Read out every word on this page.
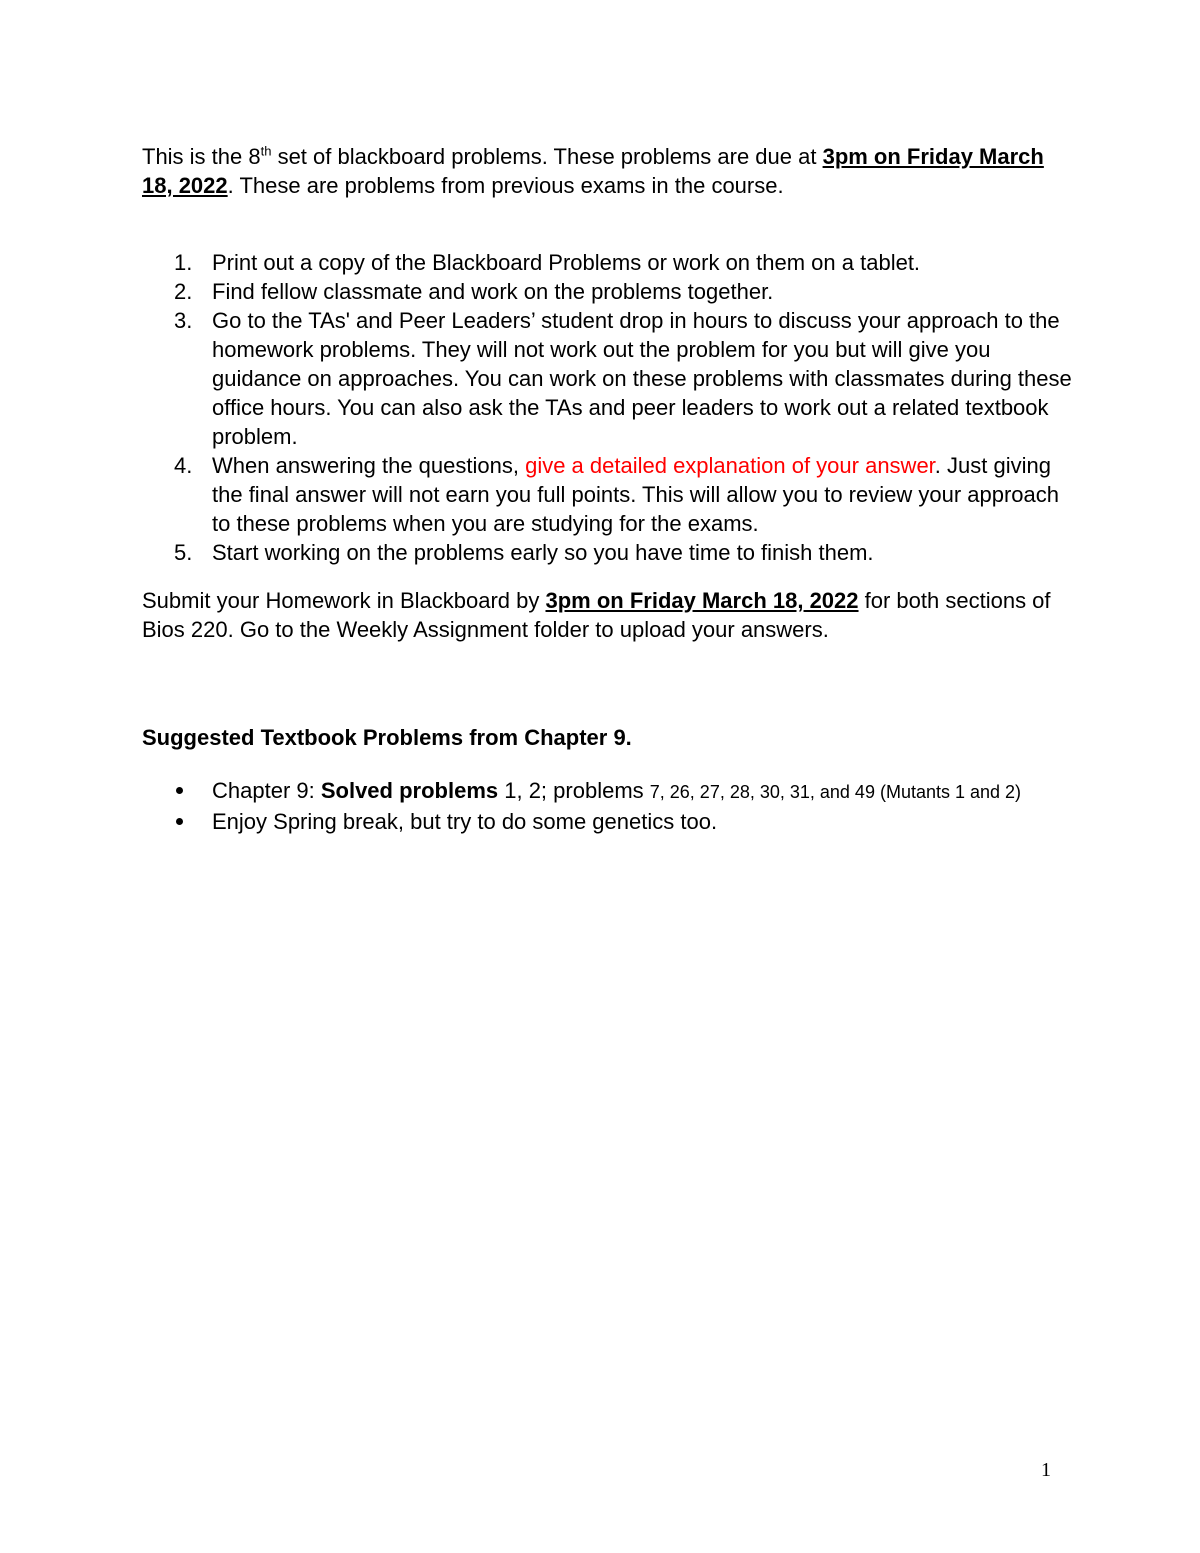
This is the 8th set of blackboard problems. These problems are due at 3pm on Friday March 18, 2022. These are problems from previous exams in the course.
1. Print out a copy of the Blackboard Problems or work on them on a tablet.
2. Find fellow classmate and work on the problems together.
3. Go to the TAs' and Peer Leaders’ student drop in hours to discuss your approach to the homework problems. They will not work out the problem for you but will give you guidance on approaches. You can work on these problems with classmates during these office hours. You can also ask the TAs and peer leaders to work out a related textbook problem.
4. When answering the questions, give a detailed explanation of your answer. Just giving the final answer will not earn you full points. This will allow you to review your approach to these problems when you are studying for the exams.
5. Start working on the problems early so you have time to finish them.
Submit your Homework in Blackboard by 3pm on Friday March 18, 2022 for both sections of Bios 220. Go to the Weekly Assignment folder to upload your answers.
Suggested Textbook Problems from Chapter 9.
Chapter 9: Solved problems 1, 2; problems 7, 26, 27, 28, 30, 31, and 49 (Mutants 1 and 2)
Enjoy Spring break, but try to do some genetics too.
1
